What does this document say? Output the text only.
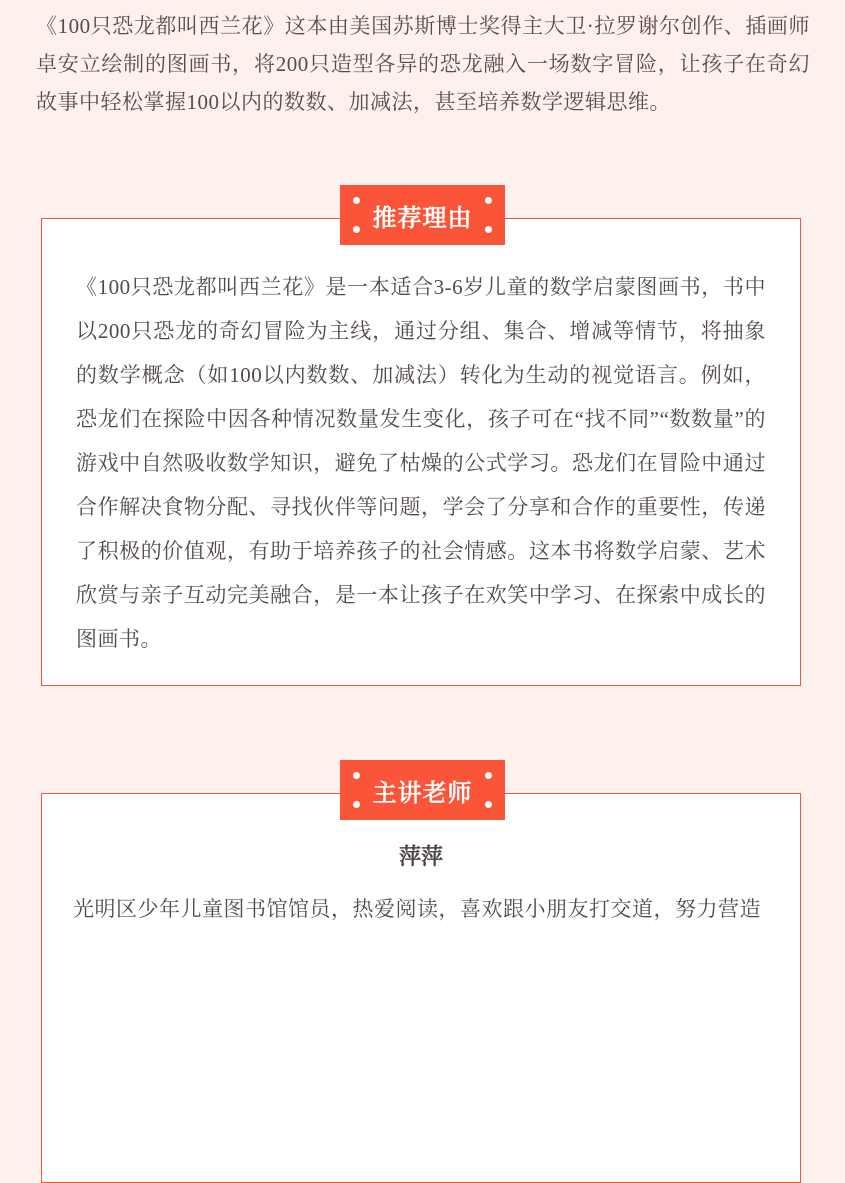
《100只恐龙都叫西兰花》这本由美国苏斯博士奖得主大卫·拉罗谢尔创作、插画师卓安立绘制的图画书，将200只造型各异的恐龙融入一场数字冒险，让孩子在奇幻故事中轻松掌握100以内的数数、加减法，甚至培养数学逻辑思维。

推荐理由

《100只恐龙都叫西兰花》是一本适合3-6岁儿童的数学启蒙图画书，书中以200只恐龙的奇幻冒险为主线，通过分组、集合、增减等情节，将抽象的数学概念（如100以内数数、加减法）转化为生动的视觉语言。例如，恐龙们在探险中因各种情况数量发生变化，孩子可在“找不同”“数数量”的游戏中自然吸收数学知识，避免了枯燥的公式学习。恐龙们在冒险中通过合作解决食物分配、寻找伙伴等问题，学会了分享和合作的重要性，传递了积极的价值观，有助于培养孩子的社会情感。这本书将数学启蒙、艺术欣赏与亲子互动完美融合，是一本让孩子在欢笑中学习、在探索中成长的图画书。

主讲老师
萍萍

光明区少年儿童图书馆馆员，热爱阅读，喜欢跟小朋友打交道，努力营造
